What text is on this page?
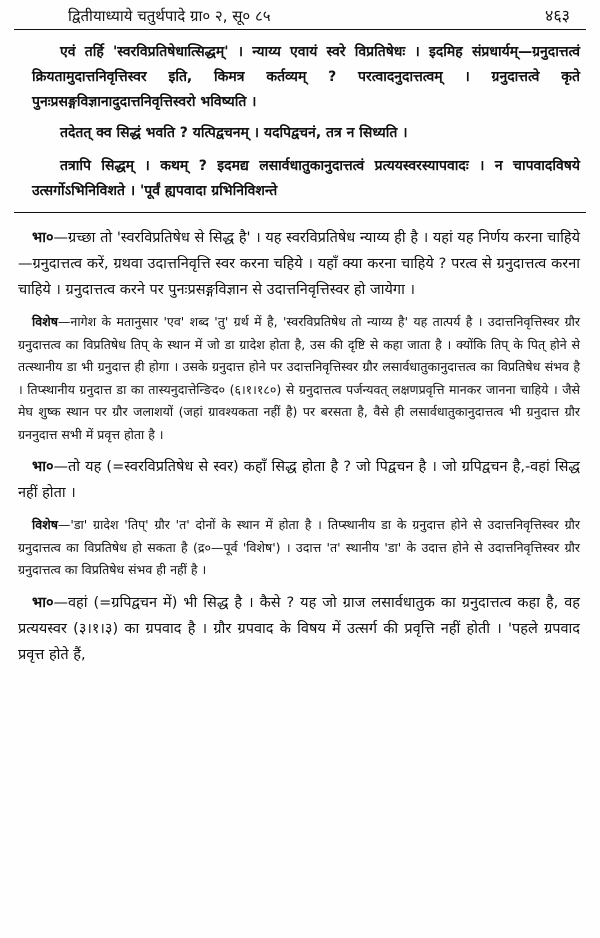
द्वितीयाध्याये चतुर्थपादे ग्रा० २, सू० ८५	४६३

एवं तर्हि 'स्वरविप्रतिषेधात्सिद्धम्' । न्याय्य एवायं स्वरे विप्रतिषेधः । इदमिह संप्रधार्यम्—ग्रनुदात्तत्वं क्रियतामुदात्तनिवृत्तिस्वर इति, किमत्र कर्तव्यम् ? परत्वादनुदात्तत्वम् । ग्रनुदात्तत्वे कृते पुनःप्रसङ्गविज्ञानादुदात्तनिवृत्तिस्वरो भविष्यति ।

तदेतत् क्व सिद्धं भवति ? यत्पिद्वचनम् । यदपिद्वचनं, तत्र न सिध्यति ।

तत्रापि सिद्धम् । कथम् ? इदमद्य लसार्वधातुकानुदात्तत्वं प्रत्ययस्वरस्यापवादः । न चापवादविषये उत्सर्गोऽभिनिविशते । 'पूर्वं ह्यपवादा ग्रभिनिविशन्ते

भा०—ग्रच्छा तो 'स्वरविप्रतिषेध से सिद्ध है' । यह स्वरविप्रतिषेध न्याय्य ही है । यहां यह निर्णय करना चाहिये—ग्रनुदात्तत्व करें, ग्रथवा उदात्तनिवृत्ति स्वर करना चहिये । यहाँ क्या करना चाहिये ? परत्व से ग्रनुदात्तत्व करना चाहिये । ग्रनुदात्तत्व करने पर पुनःप्रसङ्गविज्ञान से उदात्तनिवृत्तिस्वर हो जायेगा ।

विशेष—नागेश के मतानुसार 'एव' शब्द 'तु' ग्रर्थ में है, 'स्वरविप्रतिषेध तो न्याय्य है' यह तात्पर्य है । उदात्तनिवृत्तिस्वर ग्रौर ग्रनुदात्तत्व का विप्रतिषेध तिप् के स्थान में जो डा ग्रादेश होता है, उस की दृष्टि से कहा जाता है । क्योंकि तिप् के पित् होने से तत्स्थानीय डा भी ग्रनुदात्त ही होगा । उसके ग्रनुदात्त होने पर उदात्तनिवृत्तिस्वर ग्रौर लसार्वधातुकानुदात्तत्व का विप्रतिषेध संभव है । तिप्स्थानीय ग्रनुदात्त डा का तास्यनुदात्तेन्ङिद० (६।१।१८०) से ग्रनुदात्तत्व पर्जन्यवत् लक्षणप्रवृत्ति मानकर जानना चाहिये । जैसे मेघ शुष्क स्थान पर ग्रौर जलाशयों (जहां ग्रावश्यकता नहीं है) पर बरसता है, वैसे ही लसार्वधातुकानुदात्तत्व भी ग्रनुदात्त ग्रौर ग्रननुदात्त सभी में प्रवृत्त होता है ।

भा०—तो यह (=स्वरविप्रतिषेध से स्वर) कहाँ सिद्ध होता है ? जो पिद्वचन है । जो ग्रपिद्वचन है,-वहां सिद्ध नहीं होता ।

विशेष—'डा' ग्रादेश 'तिप्' ग्रौर 'त' दोनों के स्थान में होता है । तिप्स्थानीय डा के ग्रनुदात्त होने से उदात्तनिवृत्तिस्वर ग्रौर ग्रनुदात्तत्व का विप्रतिषेध हो सकता है (द्र०—पूर्व 'विशेष') । उदात्त 'त' स्थानीय 'डा' के उदात्त होने से उदात्तनिवृत्तिस्वर ग्रौर ग्रनुदात्तत्व का विप्रतिषेध संभव ही नहीं है ।

भा०—वहां (=ग्रपिद्वचन में) भी सिद्ध है । कैसे ? यह जो ग्राज लसार्वधातुक का ग्रनुदात्तत्व कहा है, वह प्रत्ययस्वर (३।१।३) का ग्रपवाद है । ग्रौर ग्रपवाद के विषय में उत्सर्ग की प्रवृत्ति नहीं होती । 'पहले ग्रपवाद प्रवृत्त होते हैं,
